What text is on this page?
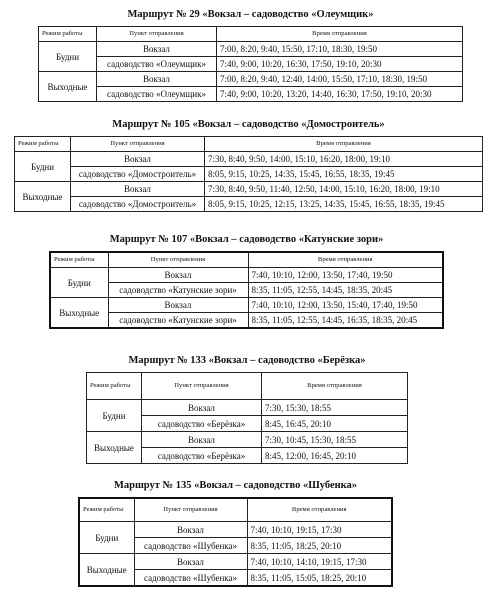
Маршрут № 29 «Вокзал – садоводство «Олеумщик»
Режим работы	Пункт отправления	Время отправления
Будни	Вокзал	7:00, 8:20, 9:40, 15:50, 17:10, 18:30, 19:50
	садоводство «Олеумщик»	7:40, 9:00, 10:20, 16:30, 17:50, 19:10, 20:30
Выходные	Вокзал	7:00, 8:20, 9:40, 12:40, 14:00, 15:50, 17:10, 18:30, 19:50
	садоводство «Олеумщик»	7:40, 9:00, 10:20, 13:20, 14:40, 16:30, 17:50, 19:10, 20:30
Маршрут № 105 «Вокзал – садоводство «Домостроитель»
Режим работы	Пункт отправления	Время отправления
Будни	Вокзал	7:30, 8:40, 9:50, 14:00, 15:10, 16:20, 18:00, 19:10
	садоводство «Домостроитель»	8:05, 9:15, 10:25, 14:35, 15:45, 16:55, 18:35, 19:45
Выходные	Вокзал	7:30, 8:40, 9:50, 11:40, 12:50, 14:00, 15:10, 16:20, 18:00, 19:10
	садоводство «Домостроитель»	8:05, 9:15, 10:25, 12:15, 13:25, 14:35, 15:45, 16:55, 18:35, 19:45
Маршрут № 107 «Вокзал – садоводство «Катунские зори»
Режим работы	Пункт отправления	Время отправления
Будни	Вокзал	7:40, 10:10, 12:00, 13:50, 17:40, 19:50
	садоводство «Катунские зори»	8:35, 11:05, 12:55, 14:45, 18:35, 20:45
Выходные	Вокзал	7:40, 10:10, 12:00, 13:50, 15:40, 17:40, 19:50
	садоводство «Катунские зори»	8:35, 11:05, 12:55, 14:45, 16:35, 18:35, 20:45
Маршрут № 133 «Вокзал – садоводство «Берёзка»
Режим работы	Пункт отправления	Время отправления
Будни	Вокзал	7:30, 15:30, 18:55
	садоводство «Берёзка»	8:45, 16:45, 20:10
Выходные	Вокзал	7:30, 10:45, 15:30, 18:55
	садоводство «Берёзка»	8:45, 12:00, 16:45, 20:10
Маршрут № 135 «Вокзал – садоводство «Шубенка»
Режим работы	Пункт отправления	Время отправления
Будни	Вокзал	7:40, 10:10, 19:15, 17:30
	садоводство «Шубенка»	8:35, 11:05, 18:25, 20:10
Выходные	Вокзал	7:40, 10:10, 14:10, 19:15, 17:30
	садоводство «Шубенка»	8:35, 11:05, 15:05, 18:25, 20:10
